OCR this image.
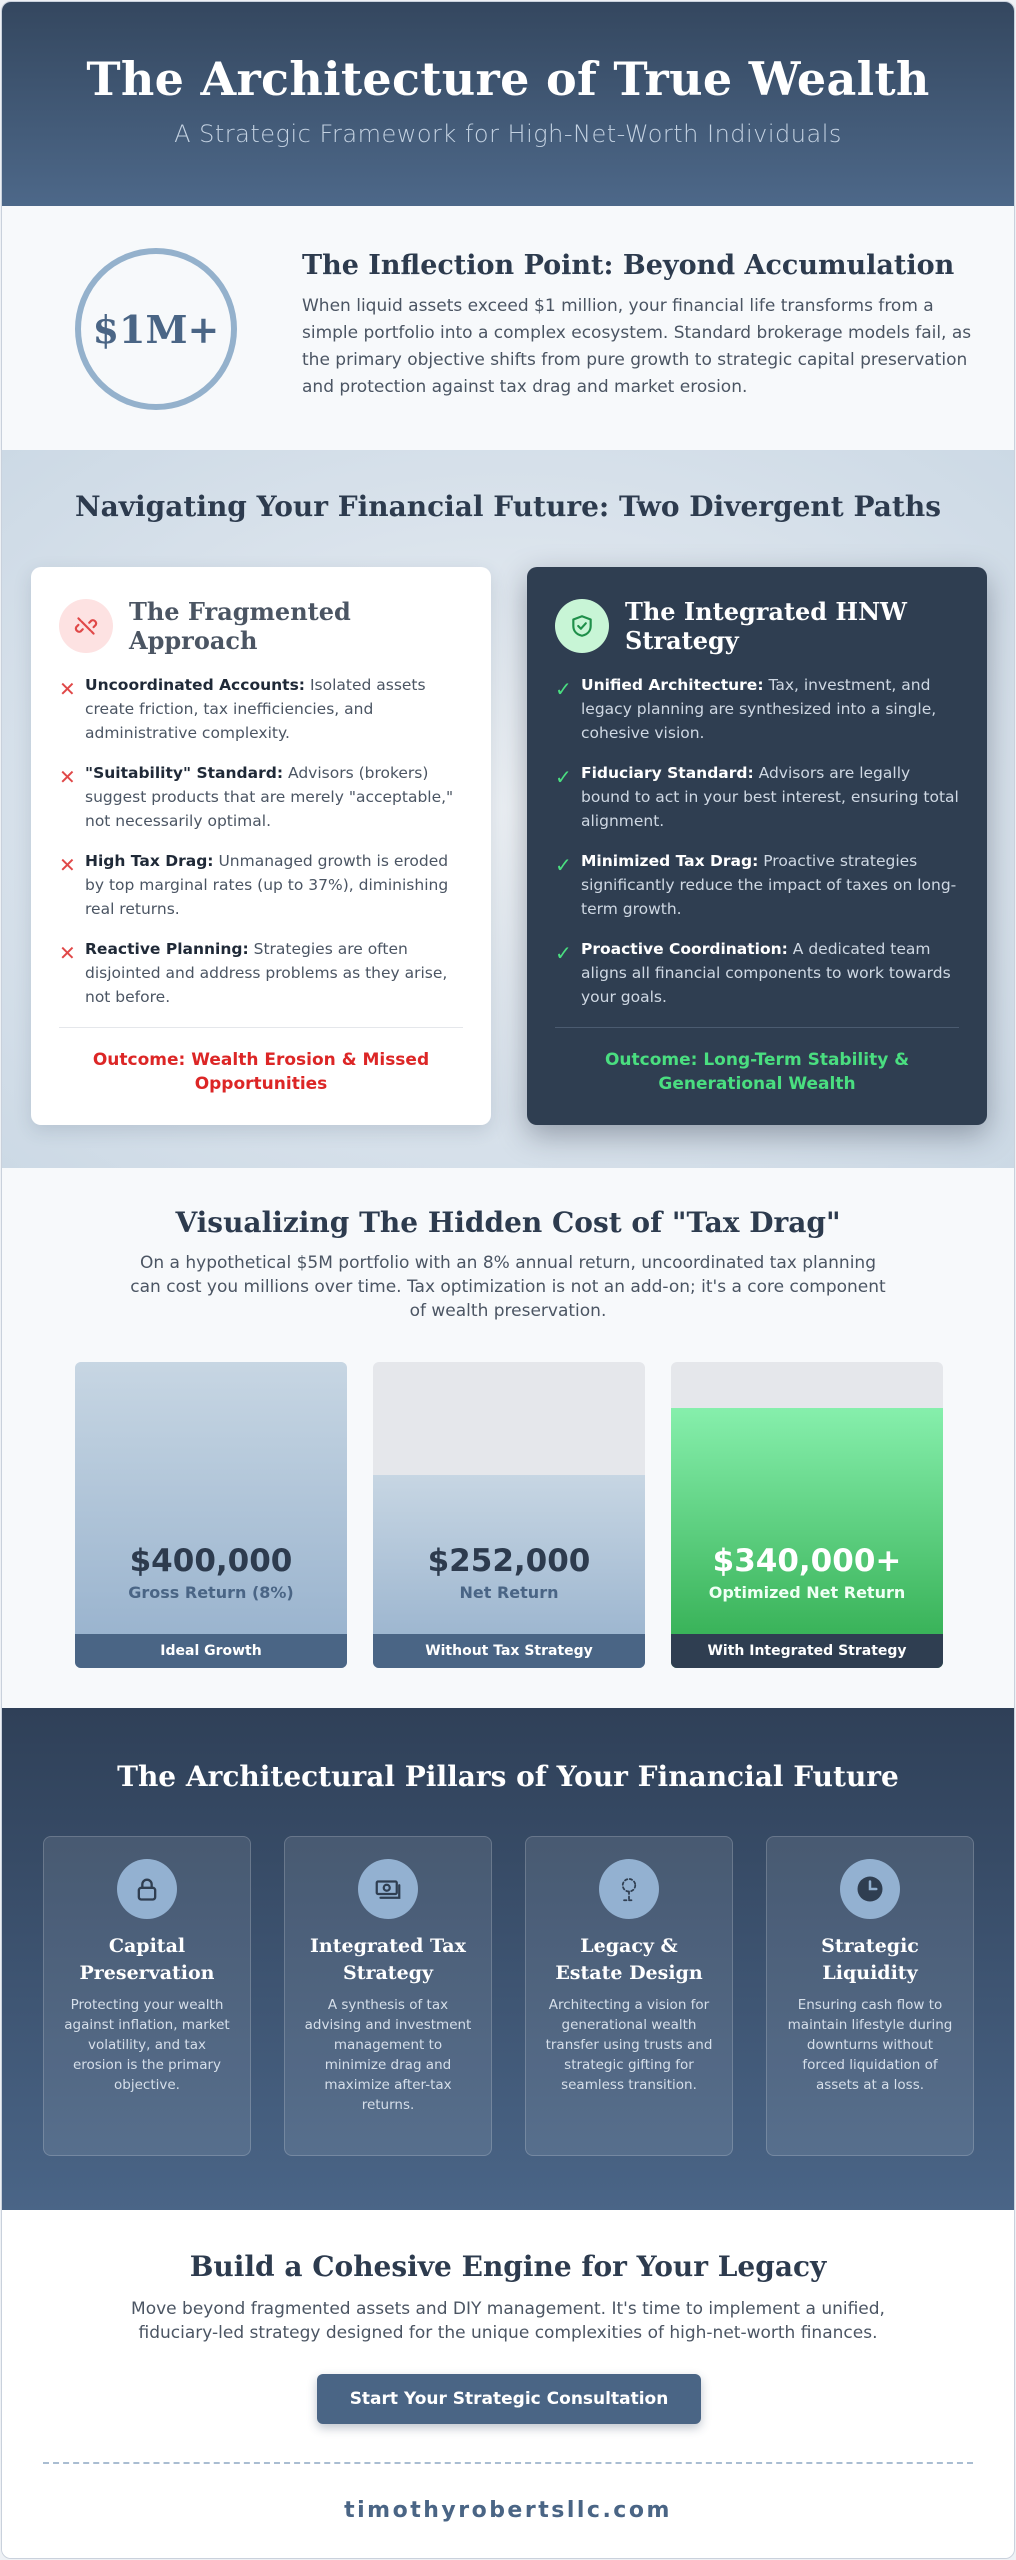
The Architecture of True Wealth

A Strategic Framework for High-Net-Worth Individuals

$1M+
The Inflection Point: Beyond Accumulation

When liquid assets exceed $1 million, your financial life transforms from a simple portfolio into a complex ecosystem. Standard brokerage models fail, as the primary objective shifts from pure growth to strategic capital preservation and protection against tax drag and market erosion.

Navigating Your Financial Future: Two Divergent Paths
The Fragmented Approach
✕ Uncoordinated Accounts: Isolated assets create friction, tax inefficiencies, and administrative complexity.
✕ "Suitability" Standard: Advisors (brokers) suggest products that are merely "acceptable," not necessarily optimal.
✕ High Tax Drag: Unmanaged growth is eroded by top marginal rates (up to 37%), diminishing real returns.
✕ Reactive Planning: Strategies are often disjointed and address problems as they arise, not before.
Outcome: Wealth Erosion & Missed Opportunities
The Integrated HNW Strategy
✓ Unified Architecture: Tax, investment, and legacy planning are synthesized into a single, cohesive vision.
✓ Fiduciary Standard: Advisors are legally bound to act in your best interest, ensuring total alignment.
✓ Minimized Tax Drag: Proactive strategies significantly reduce the impact of taxes on long-term growth.
✓ Proactive Coordination: A dedicated team aligns all financial components to work towards your goals.
Outcome: Long-Term Stability & Generational Wealth
Visualizing The Hidden Cost of "Tax Drag"

On a hypothetical $5M portfolio with an 8% annual return, uncoordinated tax planning can cost you millions over time. Tax optimization is not an add-on; it's a core component of wealth preservation.

$400,000
Gross Return (8%)
Ideal Growth
$252,000
Net Return
Without Tax Strategy
$340,000+
Optimized Net Return
With Integrated Strategy
The Architectural Pillars of Your Financial Future
Capital Preservation

Protecting your wealth against inflation, market volatility, and tax erosion is the primary objective.

Integrated Tax Strategy

A synthesis of tax advising and investment management to minimize drag and maximize after-tax returns.

Legacy & Estate Design

Architecting a vision for generational wealth transfer using trusts and strategic gifting for seamless transition.

Strategic Liquidity

Ensuring cash flow to maintain lifestyle during downturns without forced liquidation of assets at a loss.

Build a Cohesive Engine for Your Legacy

Move beyond fragmented assets and DIY management. It's time to implement a unified, fiduciary-led strategy designed for the unique complexities of high-net-worth finances.

Start Your Strategic Consultation
timothyrobertsllc.com
